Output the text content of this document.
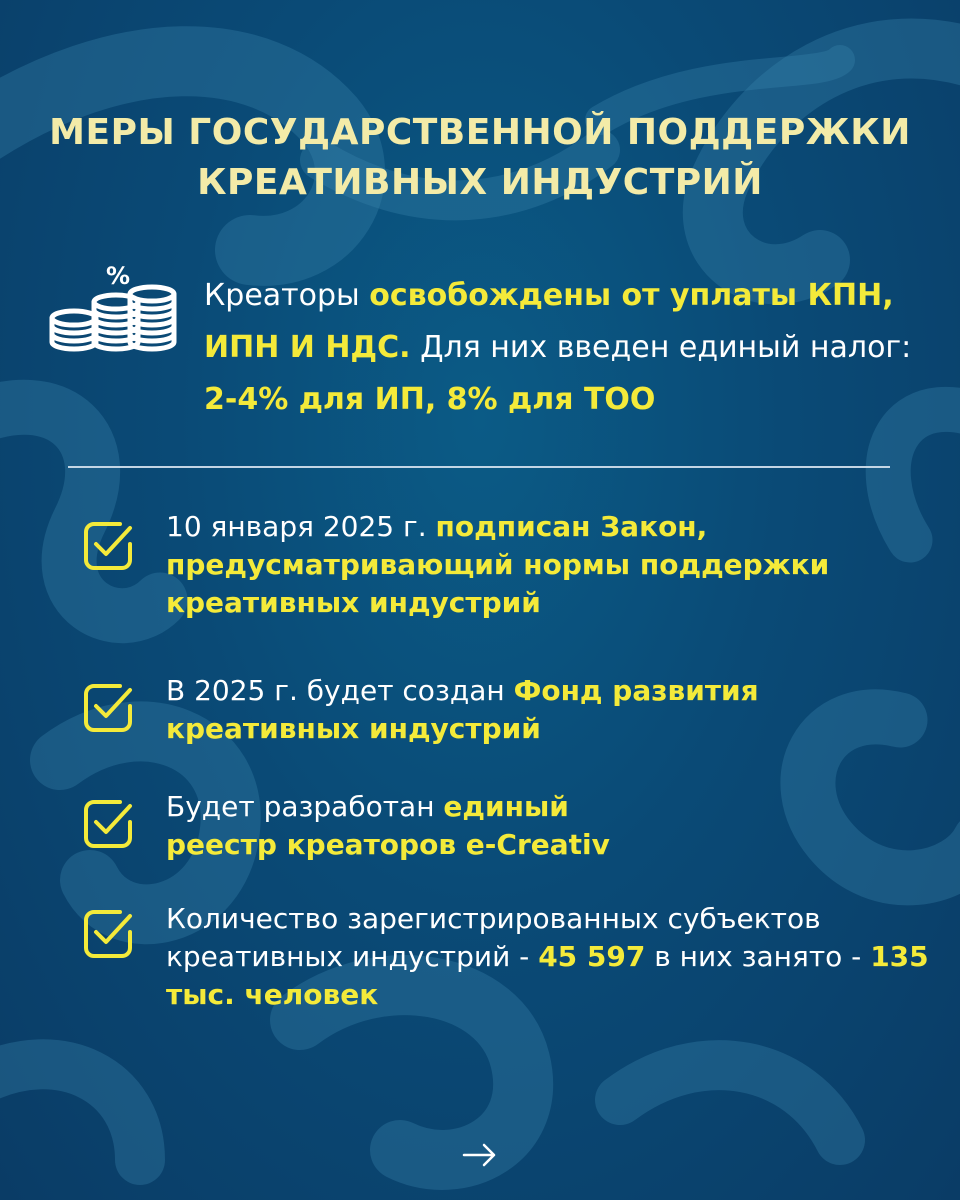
МЕРЫ ГОСУДАРСТВЕННОЙ ПОДДЕРЖКИ
КРЕАТИВНЫХ ИНДУСТРИЙ
%
Креаторы освобождены от уплаты КПН, ИПН И НДС. Для них введен единый налог: 2-4% для ИП, 8% для ТОО
10 января 2025 г. подписан Закон, предусматривающий нормы поддержки креативных индустрий
В 2025 г. будет создан Фонд развития креативных индустрий
Будет разработан единый реестр креаторов e-Creativ
Количество зарегистрированных субъектов креативных индустрий - 45 597 в них занято - 135 тыс. человек
